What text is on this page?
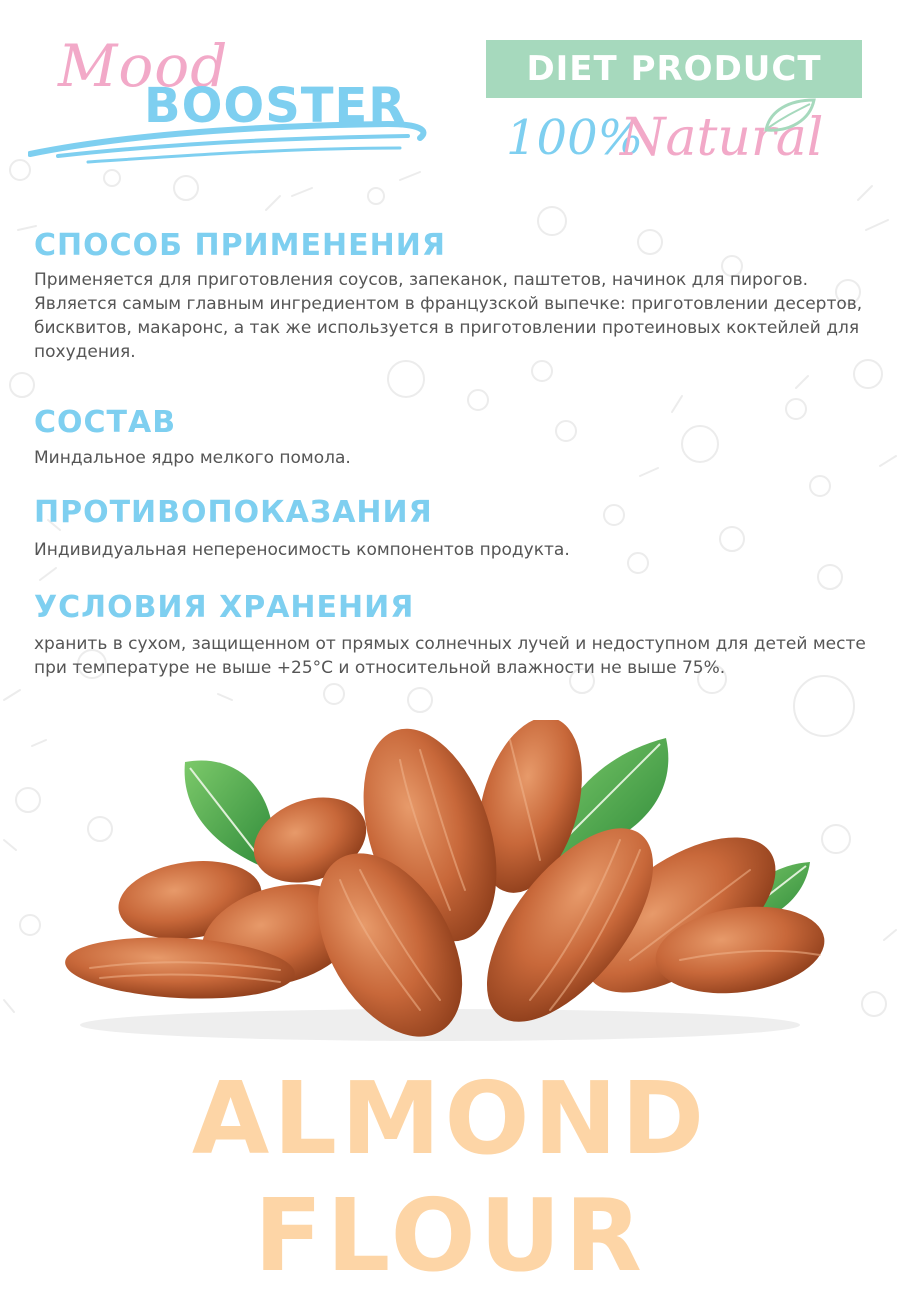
Mood
BOOSTER
DIET PRODUCT
100%
Natural
СПОСОБ ПРИМЕНЕНИЯ
Применяется для приготовления соусов, запеканок, паштетов, начинок для пирогов. Является самым главным ингредиентом в французской выпечке: приготовлении десертов, бисквитов, макаронс, а так же используется в приготовлении протеиновых коктейлей для похудения.
СОСТАВ
Миндальное ядро мелкого помола.
ПРОТИВОПОКАЗАНИЯ
Индивидуальная непереносимость компонентов продукта.
УСЛОВИЯ ХРАНЕНИЯ
хранить в сухом, защищенном от прямых солнечных лучей и недоступном для детей месте при температуре не выше +25°С и относительной влажности не выше 75%.
ALMOND FLOUR
